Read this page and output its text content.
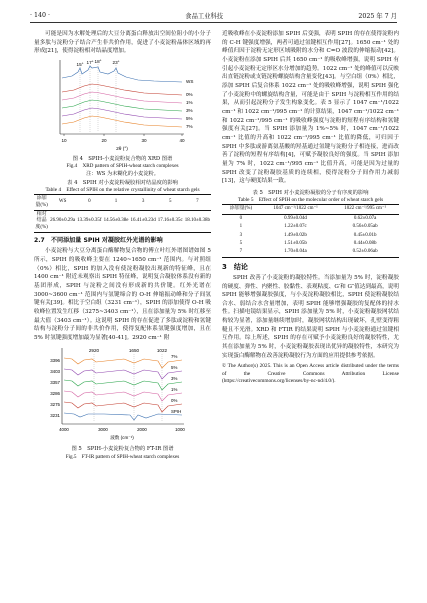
· 140 ·	食品工业科技	2025 年 7 月

可能是因为水解处理后的大豆分离蛋白释放出空间位阻小的小分子量多肽与淀粉分子结合产生非共价作用，促进了小麦淀粉晶体区域的再形成[21]，使得淀粉相对结晶度增加。

10	20	30	40
2θ (°)
15° 17° 18° 23°
WS
0%
1%
3%
5%
7%
图 4　SPIH-小麦淀粉复合物的 XRD 图谱
Fig.4　XRD pattern of SPIH-wheat starch complexes
注：WS 为未糊化的小麦淀粉。
表 4　SPIH 对小麦淀粉凝胶相对结晶度的影响
Table 4　Effect of SPIH on the relative crystallinity of wheat starch gels
添加量(%)	WS	0	1	3	5	7
相对结晶度(%)	26.90±0.29a	13.39±0.35f	14.56±0.38e	16.41±0.23d	17.16±0.35c	18.10±0.38b
2.7　不同添加量 SPIH 对凝胶红外光谱的影响

小麦淀粉与大豆分离蛋白酶解物复合物的傅立叶红外谱图谱如图 5 所示，SPIH 的吸收峰主要在 1240~1650 cm⁻¹ 范围内。与对照组（0%）相比，SPIH 的加入没有使淀粉凝胶出现新的特征峰，且在 1400 cm⁻¹ 附近未观察出 SPIH 特征峰，说明复合凝胶体系没有新的基团形成，SPIH 与淀粉之间没有形成新的共价键。红外光谱在 3000~3600 cm⁻¹ 范围内与氢键缔合的 O-H 伸缩振动峰和分子间氢键有关[39]。相比于空白组（3231 cm⁻¹），SPIH 的添加使得 O-H 吸收峰位置发生红移（3275~3403 cm⁻¹），且在添加量为 5% 时红移至最大值（3403 cm⁻¹）。这说明 SPIH 的存在促进了多肽或淀粉和氢键结构与淀粉分子间的非共价作用，使得复配体系氢键强度增加，且在 5% 时氢键强度增加最为显著[40-41]。2920 cm⁻¹ 附

2920	1650	1022
3396
3403
3357
3286
3275
3231
7%
5%
3%
1%
0%
SPIH
4000	3000	2000	1000
波数 (cm⁻¹)
图 5　SPIH-小麦淀粉复合物的 FT-IR 图谱
Fig.5　FT-IR pattern of SPIH-wheat starch complexes

近吸收峰在小麦淀粉添加 SPIH 后变强，表明 SPIH 的存在使得淀粉内的 C-H 键强度增强，两者可通过氢键相互作用[27]。1650 cm⁻¹ 处的峰值归因于淀粉无定形区域吸附的水分和 C=O 波段的伸缩振动[42]。小麦淀粉在添加 SPIH 后其 1650 cm⁻¹ 的吸收峰增强，说明 SPIH 有引起小麦淀粉无定形区水分增加的趋势。1022 cm⁻¹ 处的峰值可以反映出直链淀粉或支链淀粉螺旋结构含量变化[43]。与空白组（0%）相比，添加 SPIH 后复合体系 1022 cm⁻¹ 处的吸收峰增强，说明 SPIH 强化了小麦淀粉中的螺旋结构含量，可能是由于 SPIH 与淀粉相互作用的结果，从而引起淀粉分子发生构象变化。表 5 显示了 1047 cm⁻¹/1022 cm⁻¹ 和 1022 cm⁻¹/995 cm⁻¹ 的计算结果，1047 cm⁻¹/1022 cm⁻¹ 和 1022 cm⁻¹/995 cm⁻¹ 的吸收峰强度与淀粉的短程有序结构和氢键强度有关[27]。当 SPIH 添加量为 1%~5% 时，1047 cm⁻¹/1022 cm⁻¹ 比值的升高和 1022 cm⁻¹/995 cm⁻¹ 比值的降低，可归因于 SPIH 中多肽或游离氨基酸的羟基通过氢键与淀粉分子相连接，进而改善了淀粉的短程有序结构[4]，可赋予凝胶良好的强度。当 SPIH 添加量为 7% 时，1022 cm⁻¹/995 cm⁻¹ 比值升高，可能是因为过量的 SPIH 改变了淀粉凝胶基质的连续相，使得淀粉分子间作用力减弱[13]，这与硬度结果一致。

表 5　SPIH 对小麦淀粉凝胶的分子有序度的影响
Table 5　Effect of SPIH on the molecular order of wheat starch gels
添加量(%)	1047 cm⁻¹/1022 cm⁻¹	1022 cm⁻¹/995 cm⁻¹
0	0.99±0.04d	0.62±0.07a
1	1.22±0.07c	0.56±0.05ab
3	1.49±0.02b	0.45±0.01b
5	1.51±0.05b	0.44±0.08b
7	1.70±0.04a	0.52±0.06ab
3　结论

SPIH 改善了小麦淀粉的凝胶特性。当添加量为 5% 时，淀粉凝胶的硬度、弹性、内聚性、胶黏性、表观粘度、G′和 G″值达到最高，说明 SPIH 能够增强凝胶强度，与小麦淀粉凝胶相比，SPIH 使淀粉凝胶结合水、弱结合水含量增加，表明 SPIH 能够增强凝胶的复配体的持水性。扫描电镜结果显示，SPIH 添加量为 5% 时，小麦淀粉凝胶网状结构较为显著，添加量继续增加时，凝胶网状结构出现破坏，孔壁变得粗糙且不光滑。XRD 和 FTIR 的结果说明 SPIH 与小麦淀粉通过氢键相互作用。综上所述，SPIH 的存在可赋予小麦淀粉良好的凝胶特性，尤其在添加量为 5% 时，小麦淀粉凝胶表现出优异的凝胶特性，本研究为实现蛋白酶解物在改善淀粉凝胶行为方面的应用提供参考依据。

© The Author(s) 2025. This is an Open Access article distributed under the terms of the Creative Commons Attribution License (https://creativecommons.org/licenses/by-nc-nd/4.0/).
